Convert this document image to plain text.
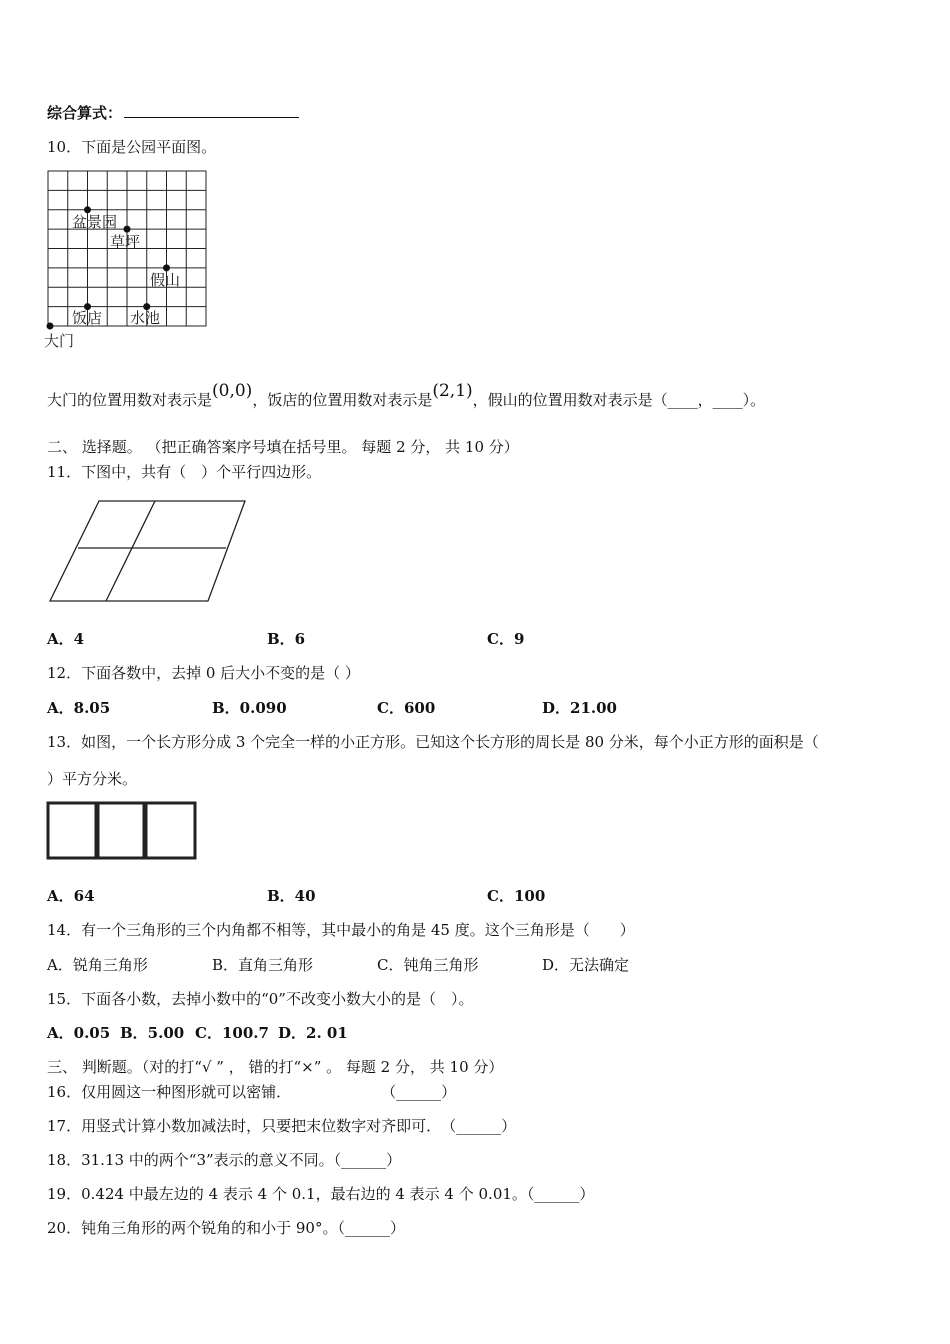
综合算式：
10．下面是公园平面图。
盆景园
草坪
假山
饭店 水池
大门
大门的位置用数对表示是(0,0)，饭店的位置用数对表示是(2,1)，假山的位置用数对表示是（____，____）。
二、 选择题。 （把正确答案序号填在括号里。 每题 2 分， 共 10 分）
11．下图中，共有（　）个平行四边形。
A．4	B．6	C．9
12．下面各数中，去掉 0 后大小不变的是（ ）
A．8.05	B．0.090	C．600	D．21.00
13．如图，一个长方形分成 3 个完全一样的小正方形。已知这个长方形的周长是 80 分米，每个小正方形的面积是（
）平方分米。
A．64	B．40	C．100
14．有一个三角形的三个内角都不相等，其中最小的角是 45 度。这个三角形是（　　）
A．锐角三角形	B．直角三角形	C．钝角三角形	D．无法确定
15．下面各小数，去掉小数中的“0”不改变小数大小的是（　）。
A．0.05 B．5.00 C．100.7 D．2. 01
三、 判断题。（对的打“√ ” ， 错的打“×” 。 每题 2 分， 共 10 分）
16．仅用圆这一种图形就可以密铺．　　　　　　　（______）
17．用竖式计算小数加减法时，只要把末位数字对齐即可．　（______）
18．31.13 中的两个“3”表示的意义不同。（______）
19．0.424 中最左边的 4 表示 4 个 0.1，最右边的 4 表示 4 个 0.01。（______）
20．钝角三角形的两个锐角的和小于 90°。（______）
